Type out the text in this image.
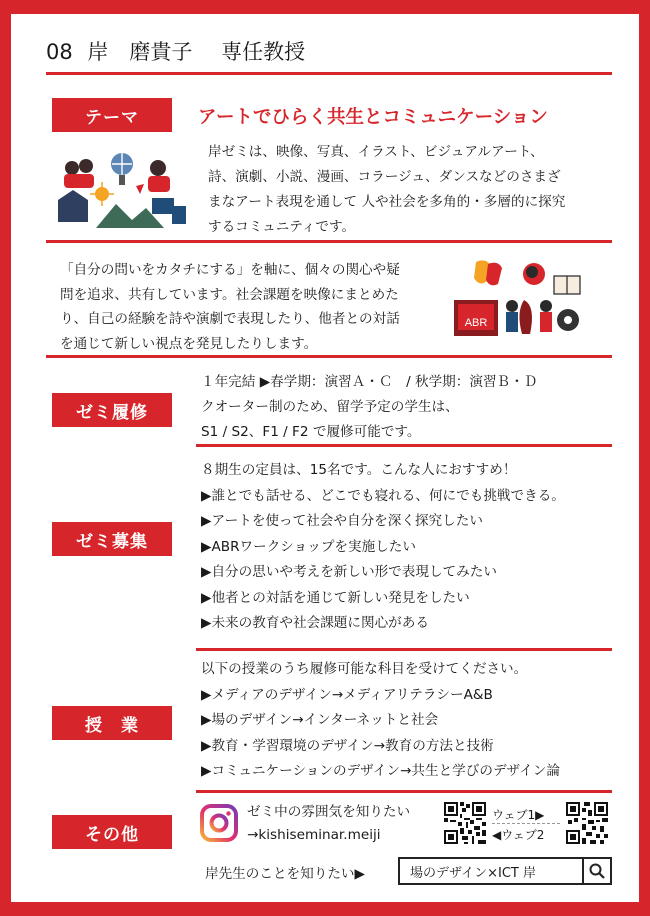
08 岸　磨貴子 専任教授
テーマ	アートでひらく共生とコミュニケーション
岸ゼミは、映像、写真、イラスト、ビジュアルアート、
詩、演劇、小説、漫画、コラージュ、ダンスなどのさまざ
まなアート表現を通して 人や社会を多角的・多層的に探究
するコミュニティです。
「自分の問いをカタチにする」を軸に、個々の関心や疑
問を追求、共有しています。社会課題を映像にまとめた
り、自己の経験を詩や演劇で表現したり、他者との対話
を通じて新しい視点を発見したりします。
ABR
ゼミ履修
１年完結 ▶春学期：演習Ａ・Ｃ　/ 秋学期：演習Ｂ・Ｄ
クオーター制のため、留学予定の学生は、
S1 / S2、F1 / F2 で履修可能です。
ゼミ募集
８期生の定員は、15名です。こんな人におすすめ！
▶誰とでも話せる、どこでも寝れる、何にでも挑戦できる。
▶アートを使って社会や自分を深く探究したい
▶ABRワークショップを実施したい
▶自分の思いや考えを新しい形で表現してみたい
▶他者との対話を通じて新しい発見をしたい
▶未来の教育や社会課題に関心がある
授　業
以下の授業のうち履修可能な科目を受けてください。
▶メディアのデザイン→メディアリテラシーA&B
▶場のデザイン→インターネットと社会
▶教育・学習環境のデザイン→教育の方法と技術
▶コミュニケーションのデザイン→共生と学びのデザイン論
その他
ゼミ中の雰囲気を知りたい
→kishiseminar.meiji
ウェブ1▶
◀ウェブ2
岸先生のことを知りたい▶	場のデザイン×ICT 岸
